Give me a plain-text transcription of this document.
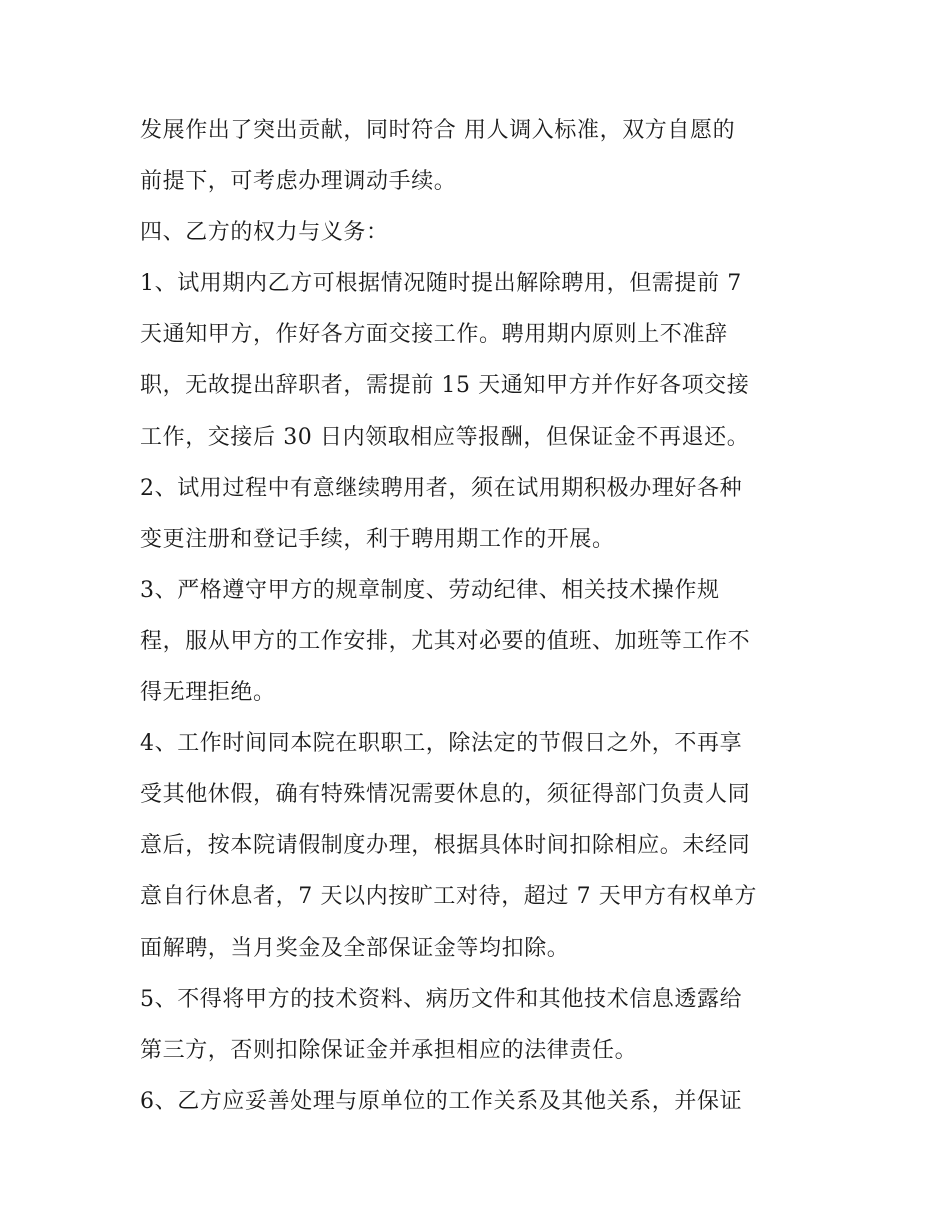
发展作出了突出贡献，同时符合 用人调入标准，双方自愿的
前提下，可考虑办理调动手续。
四、乙方的权力与义务：
1、试用期内乙方可根据情况随时提出解除聘用，但需提前 7
天通知甲方，作好各方面交接工作。聘用期内原则上不准辞
职，无故提出辞职者，需提前 15 天通知甲方并作好各项交接
工作，交接后 30 日内领取相应等报酬，但保证金不再退还。
2、试用过程中有意继续聘用者，须在试用期积极办理好各种
变更注册和登记手续，利于聘用期工作的开展。
3、严格遵守甲方的规章制度、劳动纪律、相关技术操作规
程，服从甲方的工作安排，尤其对必要的值班、加班等工作不
得无理拒绝。
4、工作时间同本院在职职工，除法定的节假日之外，不再享
受其他休假，确有特殊情况需要休息的，须征得部门负责人同
意后，按本院请假制度办理，根据具体时间扣除相应。未经同
意自行休息者，7 天以内按旷工对待，超过 7 天甲方有权单方
面解聘，当月奖金及全部保证金等均扣除。
5、不得将甲方的技术资料、病历文件和其他技术信息透露给
第三方，否则扣除保证金并承担相应的法律责任。
6、乙方应妥善处理与原单位的工作关系及其他关系，并保证
